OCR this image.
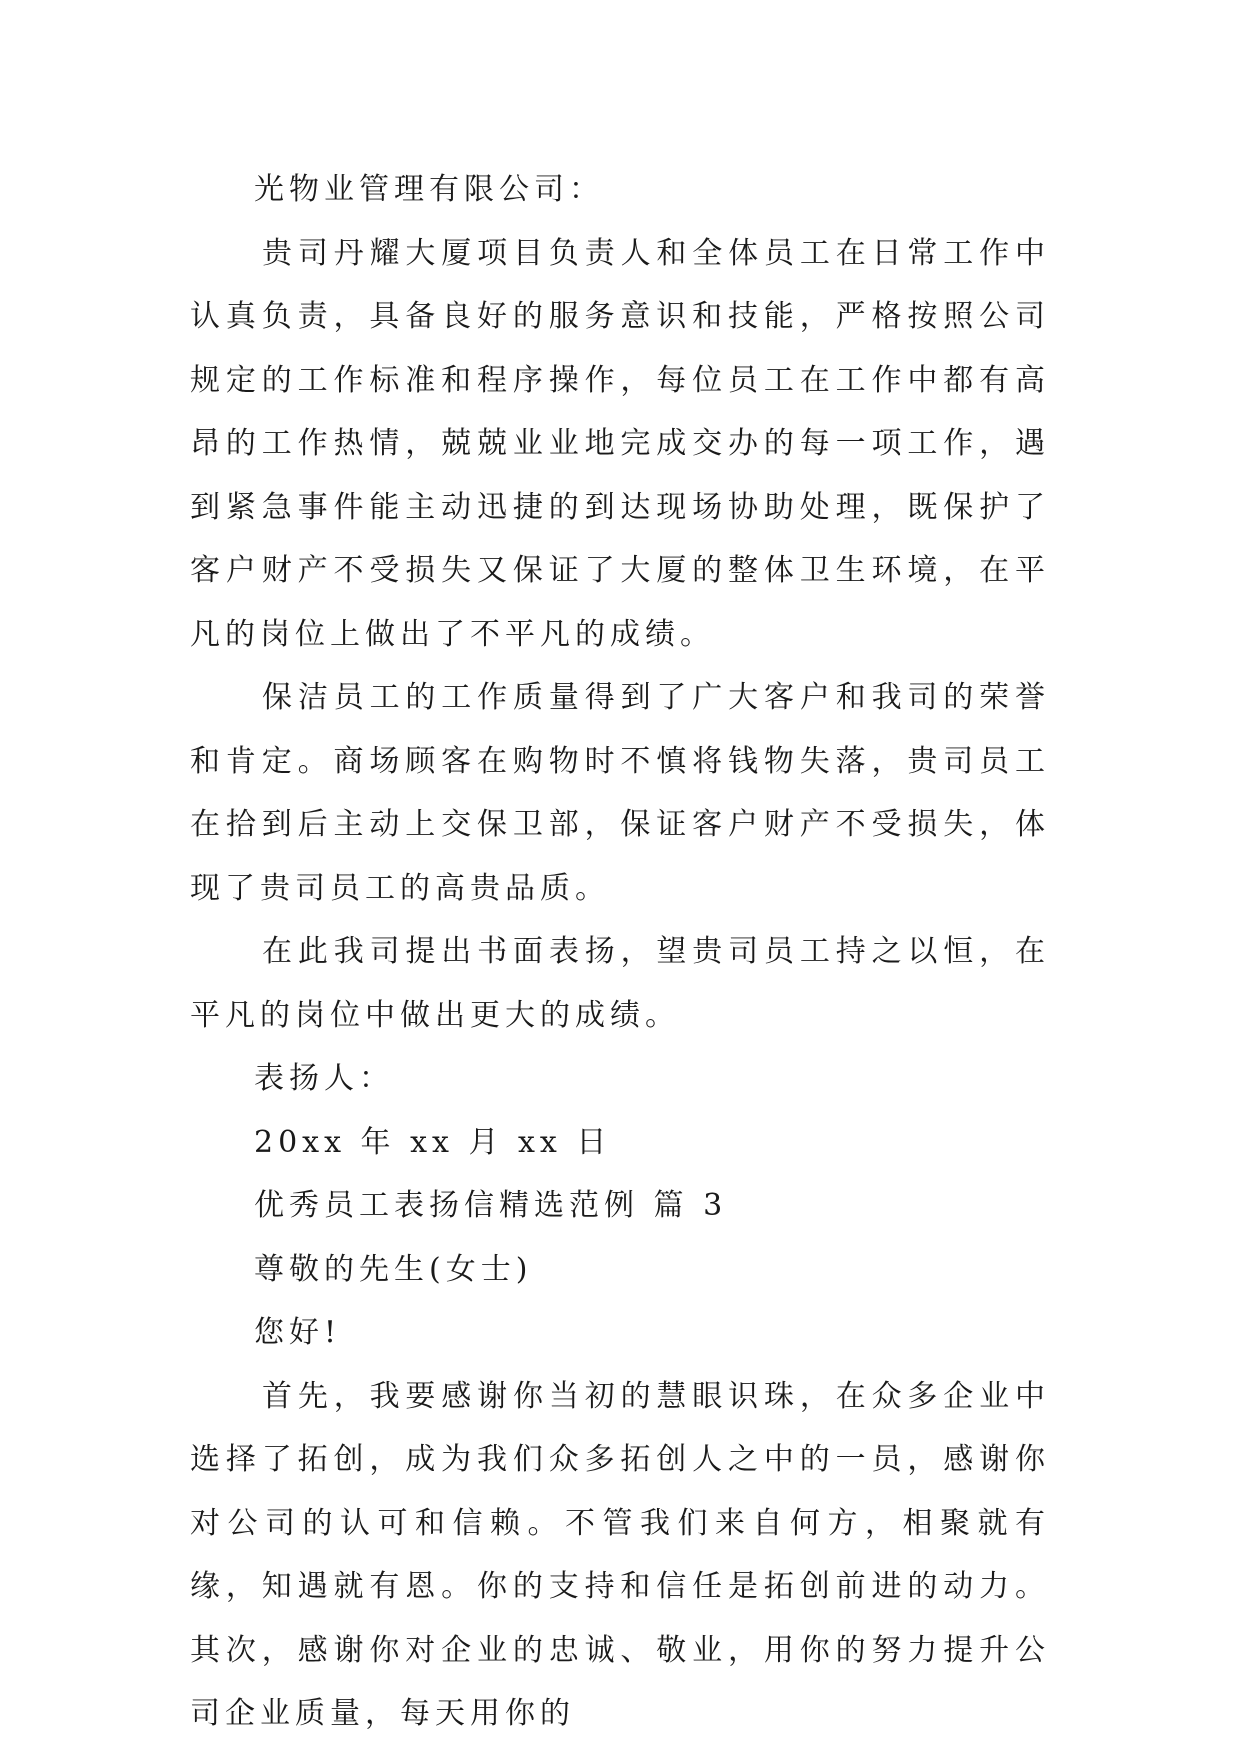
光物业管理有限公司：

贵司丹耀大厦项目负责人和全体员工在日常工作中认真负责，具备良好的服务意识和技能，严格按照公司规定的工作标准和程序操作，每位员工在工作中都有高昂的工作热情，兢兢业业地完成交办的每一项工作，遇到紧急事件能主动迅捷的到达现场协助处理，既保护了客户财产不受损失又保证了大厦的整体卫生环境，在平凡的岗位上做出了不平凡的成绩。

保洁员工的工作质量得到了广大客户和我司的荣誉和肯定。商场顾客在购物时不慎将钱物失落，贵司员工在拾到后主动上交保卫部，保证客户财产不受损失，体现了贵司员工的高贵品质。

在此我司提出书面表扬，望贵司员工持之以恒，在平凡的岗位中做出更大的成绩。

表扬人：

20xx 年 xx 月 xx 日

优秀员工表扬信精选范例 篇 3

尊敬的先生(女士)

您好!

首先，我要感谢你当初的慧眼识珠，在众多企业中选择了拓创，成为我们众多拓创人之中的一员，感谢你对公司的认可和信赖。不管我们来自何方，相聚就有缘，知遇就有恩。你的支持和信任是拓创前进的动力。 其次，感谢你对企业的忠诚、敬业，用你的努力提升公司企业质量，每天用你的
